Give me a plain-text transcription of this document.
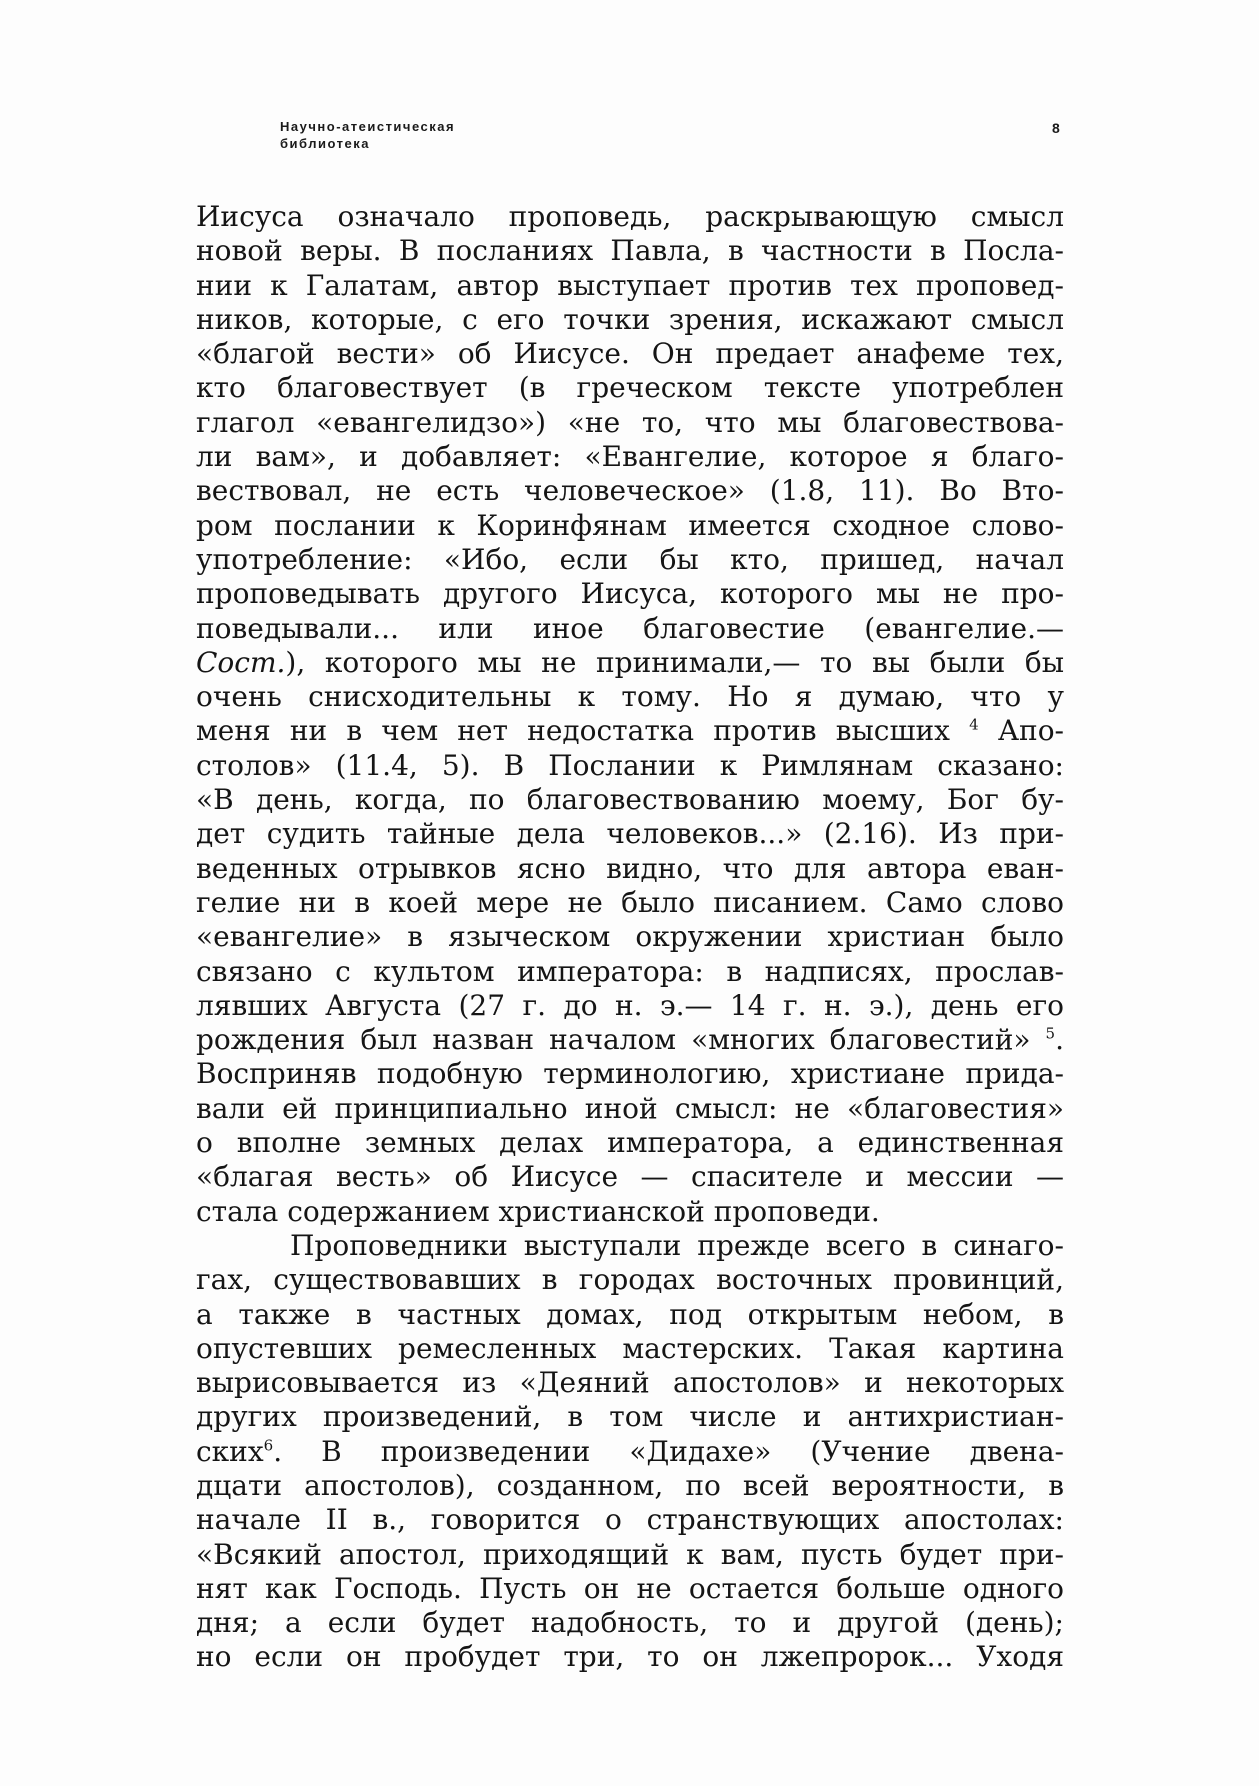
Научно-атеистическая
библиотека
8
Иисуса означало проповедь, раскрывающую смысл
новой веры. В посланиях Павла, в частности в Посла-
нии к Галатам, автор выступает против тех проповед-
ников, которые, с его точки зрения, искажают смысл
«благой вести» об Иисусе. Он предает анафеме тех,
кто благовествует (в греческом тексте употреблен
глагол «евангелидзо») «не то, что мы благовествова-
ли вам», и добавляет: «Евангелие, которое я благо-
вествовал, не есть человеческое» (1.8, 11). Во Вто-
ром послании к Коринфянам имеется сходное слово-
употребление: «Ибо, если бы кто, пришед, начал
проповедывать другого Иисуса, которого мы не про-
поведывали... или иное благовестие (евангелие.—
Сост.), которого мы не принимали,— то вы были бы
очень снисходительны к тому. Но я думаю, что у
меня ни в чем нет недостатка против высших $^4$ Апо-
столов» (11.4, 5). В Послании к Римлянам сказано:
«В день, когда, по благовествованию моему, Бог бу-
дет судить тайные дела человеков...» (2.16). Из при-
веденных отрывков ясно видно, что для автора еван-
гелие ни в коей мере не было писанием. Само слово
«евангелие» в языческом окружении христиан было
связано с культом императора: в надписях, прослав-
лявших Августа (27 г. до н. э.— 14 г. н. э.), день его
рождения был назван началом «многих благовестий» $^5$.
Восприняв подобную терминологию, христиане прида-
вали ей принципиально иной смысл: не «благовестия»
о вполне земных делах императора, а единственная
«благая весть» об Иисусе — спасителе и мессии —
стала содержанием христианской проповеди.
Проповедники выступали прежде всего в синаго-
гах, существовавших в городах восточных провинций,
а также в частных домах, под открытым небом, в
опустевших ремесленных мастерских. Такая картина
вырисовывается из «Деяний апостолов» и некоторых
других произведений, в том числе и антихристиан-
ских$^6$. В произведении «Дидахе» (Учение двена-
дцати апостолов), созданном, по всей вероятности, в
начале II в., говорится о странствующих апостолах:
«Всякий апостол, приходящий к вам, пусть будет при-
нят как Господь. Пусть он не остается больше одного
дня; а если будет надобность, то и другой (день);
но если он пробудет три, то он лжепророк... Уходя
